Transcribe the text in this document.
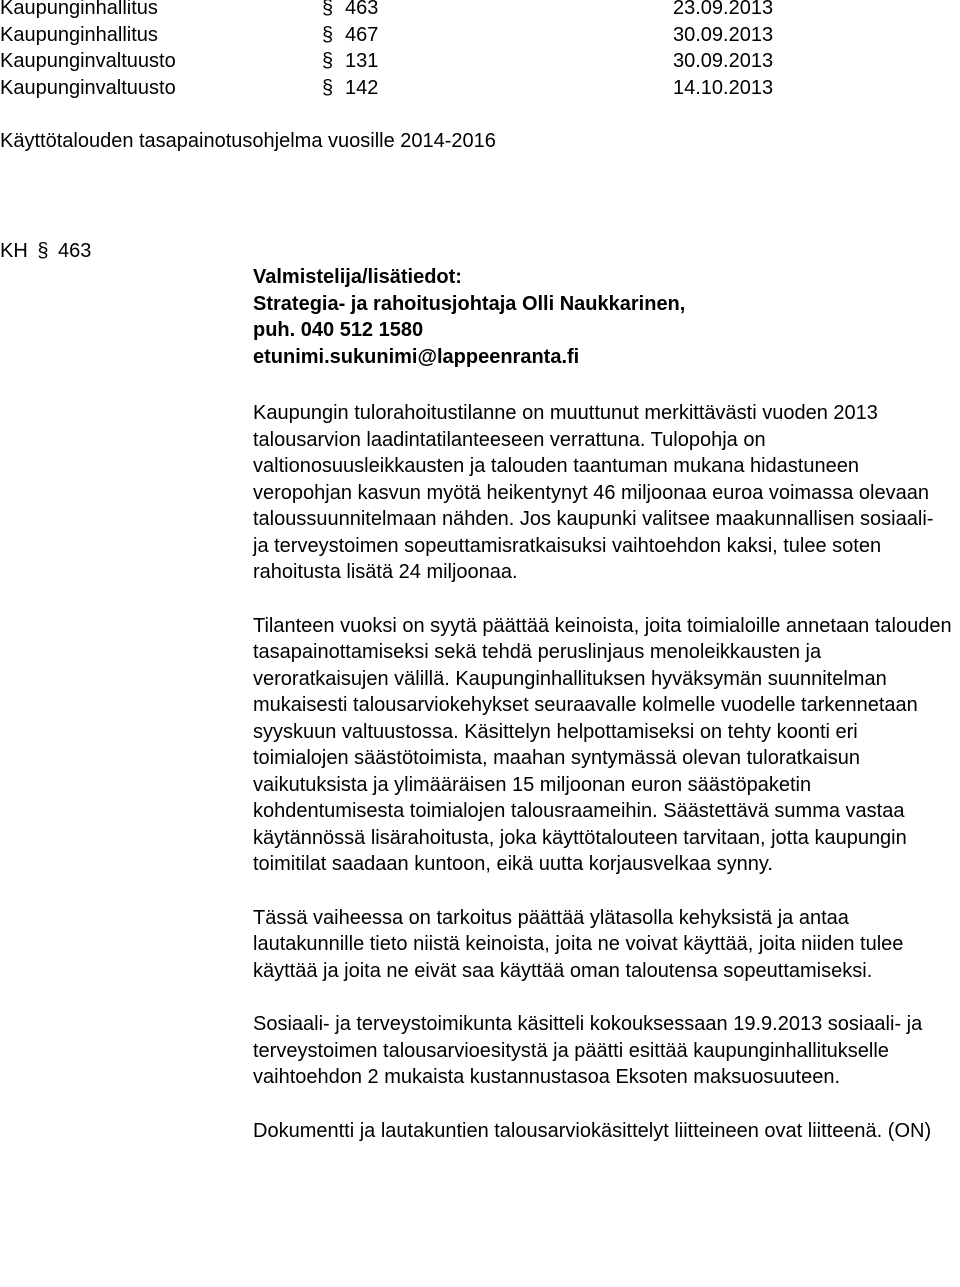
Kaupunginhallitus	§ 463	23.09.2013
Kaupunginhallitus	§ 467	30.09.2013
Kaupunginvaltuusto	§ 131	30.09.2013
Kaupunginvaltuusto	§ 142	14.10.2013
Käyttötalouden tasapainotusohjelma vuosille 2014-2016
KH § 463
Valmistelija/lisätiedot:
Strategia- ja rahoitusjohtaja Olli Naukkarinen,
puh. 040 512 1580
etunimi.sukunimi@lappeenranta.fi

Kaupungin tulorahoitustilanne on muuttunut merkittävästi vuoden 2013 talousarvion laadintatilanteeseen verrattuna. Tulopohja on valtionosuusleikkausten ja talouden taantuman mukana hidastuneen veropohjan kasvun myötä heikentynyt 46 miljoonaa euroa voimassa olevaan taloussuunnitelmaan nähden. Jos kaupunki valitsee maakunnallisen sosiaali- ja terveystoimen sopeuttamisratkaisuksi vaihtoehdon kaksi, tulee soten rahoitusta lisätä 24 miljoonaa.

Tilanteen vuoksi on syytä päättää keinoista, joita toimialoille annetaan talouden tasapainottamiseksi sekä tehdä peruslinjaus menoleikkausten ja veroratkaisujen välillä. Kaupunginhallituksen hyväksymän suunnitelman mukaisesti talousarviokehykset seuraavalle kolmelle vuodelle tarkennetaan syyskuun valtuustossa. Käsittelyn helpottamiseksi on tehty koonti eri toimialojen säästötoimista, maahan syntymässä olevan tuloratkaisun vaikutuksista ja ylimääräisen 15 miljoonan euron säästöpaketin kohdentumisesta toimialojen talousraameihin. Säästettävä summa vastaa käytännössä lisärahoitusta, joka käyttötalouteen tarvitaan, jotta kaupungin toimitilat saadaan kuntoon, eikä uutta korjausvelkaa synny.

Tässä vaiheessa on tarkoitus päättää ylätasolla kehyksistä ja antaa lautakunnille tieto niistä keinoista, joita ne voivat käyttää, joita niiden tulee käyttää ja joita ne eivät saa käyttää oman taloutensa sopeuttamiseksi.

Sosiaali- ja terveystoimikunta käsitteli kokouksessaan 19.9.2013 sosiaali- ja terveystoimen talousarvioesitystä ja päätti esittää kaupunginhallitukselle vaihtoehdon 2 mukaista kustannustasoa Eksoten maksuosuuteen.

Dokumentti ja lautakuntien talousarviokäsittelyt liitteineen ovat liitteenä. (ON)
